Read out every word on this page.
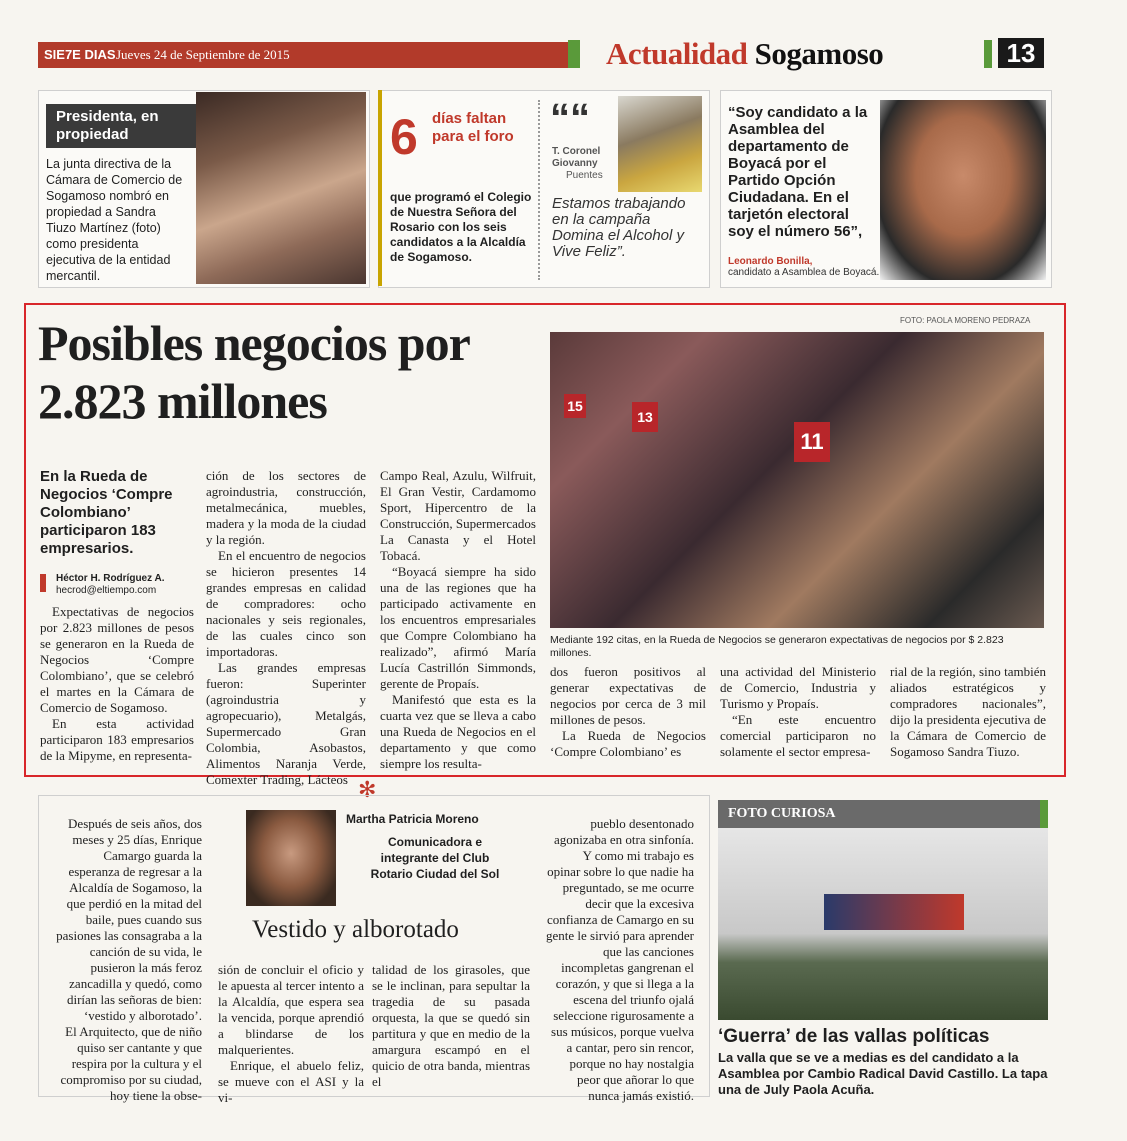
SIE7E DIAS Jueves 24 de Septiembre de 2015	Actualidad Sogamoso	13
Presidenta, en propiedad
La junta directiva de la Cámara de Comercio de Sogamoso nombró en propiedad a Sandra Tiuzo Martínez (foto) como presidenta ejecutiva de la entidad mercantil.
6 días faltan para el foro
que programó el Colegio de Nuestra Señora del Rosario con los seis candidatos a la Alcaldía de Sogamoso.
““
T. Coronel Giovanny
Puentes
Estamos trabajando en la campaña Domina el Alcohol y Vive Feliz”.
“Soy candidato a la Asamblea del departamento de Boyacá por el Partido Opción Ciudadana. En el tarjetón electoral soy el número 56”,
Leonardo Bonilla,
candidato a Asamblea de Boyacá.
Posibles negocios por 2.823 millones
FOTO: PAOLA MORENO PEDRAZA
15
13
11
Mediante 192 citas, en la Rueda de Negocios se generaron expectativas de negocios por $ 2.823 millones.
En la Rueda de Negocios ‘Compre Colombiano’ participaron 183 empresarios.
Héctor H. Rodríguez A.
hecrod@eltiempo.com

Expectativas de negocios por 2.823 millones de pesos se generaron en la Rueda de Negocios ‘Compre Colombiano’, que se celebró el martes en la Cámara de Comercio de Sogamoso.

En esta actividad participaron 183 empresarios de la Mipyme, en representa-

ción de los sectores de agroindustria, construcción, metalmecánica, muebles, madera y la moda de la ciudad y la región.

En el encuentro de negocios se hicieron presentes 14 grandes empresas en calidad de compradores: ocho nacionales y seis regionales, de las cuales cinco son importadoras.

Las grandes empresas fueron: Superinter (agroindustria y agropecuario), Metalgás, Supermercado Gran Colombia, Asobastos, Alimentos Naranja Verde, Comexter Trading, Lácteos

Campo Real, Azulu, Wilfruit, El Gran Vestir, Cardamomo Sport, Hipercentro de la Construcción, Supermercados La Canasta y el Hotel Tobacá.

“Boyacá siempre ha sido una de las regiones que ha participado activamente en los encuentros empresariales que Compre Colombiano ha realizado”, afirmó María Lucía Castrillón Simmonds, gerente de Propaís.

Manifestó que esta es la cuarta vez que se lleva a cabo una Rueda de Negocios en el departamento y que como siempre los resulta-

dos fueron positivos al generar expectativas de negocios por cerca de 3 mil millones de pesos.

La Rueda de Negocios ‘Compre Colombiano’ es

una actividad del Ministerio de Comercio, Industria y Turismo y Propaís.

“En este encuentro comercial participaron no solamente el sector empresa-

rial de la región, sino también aliados estratégicos y compradores nacionales”, dijo la presidenta ejecutiva de la Cámara de Comercio de Sogamoso Sandra Tiuzo.

✻
Martha Patricia Moreno
Comunicadora e integrante del Club Rotario Ciudad del Sol
Vestido y alborotado

Después de seis años, dos meses y 25 días, Enrique Camargo guarda la esperanza de regresar a la Alcaldía de Sogamoso, la que perdió en la mitad del baile, pues cuando sus pasiones las consagraba a la canción de su vida, le pusieron la más feroz zancadilla y quedó, como dirían las señoras de bien: ‘vestido y alborotado’.

El Arquitecto, que de niño quiso ser cantante y que respira por la cultura y el compromiso por su ciudad, hoy tiene la obse-

sión de concluir el oficio y le apuesta al tercer intento a la Alcaldía, que espera sea la vencida, porque aprendió a blindarse de los malquerientes.

Enrique, el abuelo feliz, se mueve con el ASI y la vi-

talidad de los girasoles, que se le inclinan, para sepultar la tragedia de su pasada orquesta, la que se quedó sin partitura y que en medio de la amargura escampó en el quicio de otra banda, mientras el

pueblo desentonado agonizaba en otra sinfonía.

Y como mi trabajo es opinar sobre lo que nadie ha preguntado, se me ocurre decir que la excesiva confianza de Camargo en su gente le sirvió para aprender que las canciones incompletas gangrenan el corazón, y que si llega a la escena del triunfo ojalá seleccione rigurosamente a sus músicos, porque vuelva a cantar, pero sin rencor, porque no hay nostalgia peor que añorar lo que nunca jamás existió.

FOTO CURIOSA
‘Guerra’ de las vallas políticas
La valla que se ve a medias es del candidato a la Asamblea por Cambio Radical David Castillo. La tapa una de July Paola Acuña.
